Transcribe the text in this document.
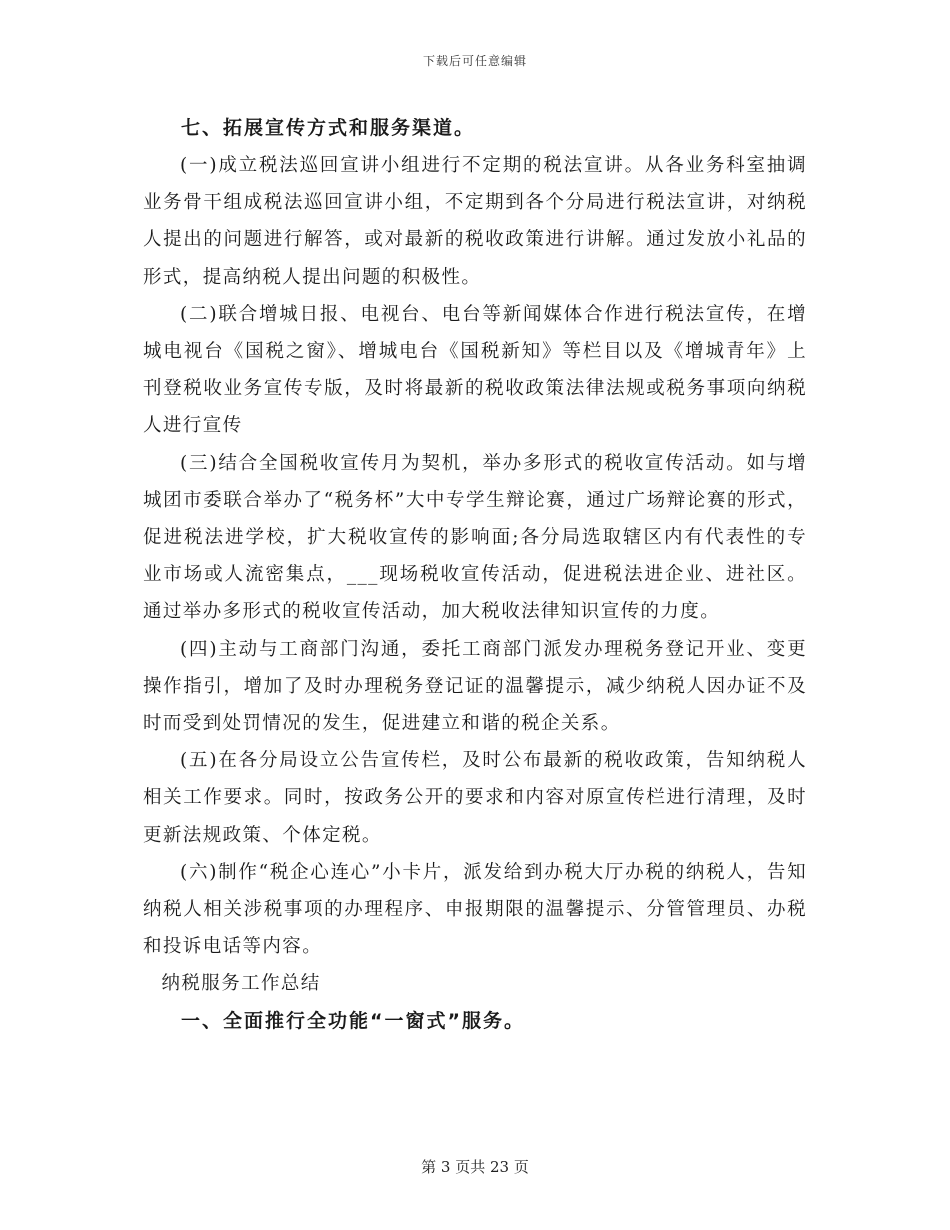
下载后可任意编辑

七、拓展宣传方式和服务渠道。

(一)成立税法巡回宣讲小组进行不定期的税法宣讲。从各业务科室抽调业务骨干组成税法巡回宣讲小组，不定期到各个分局进行税法宣讲，对纳税人提出的问题进行解答，或对最新的税收政策进行讲解。通过发放小礼品的形式，提高纳税人提出问题的积极性。

(二)联合增城日报、电视台、电台等新闻媒体合作进行税法宣传，在增城电视台《国税之窗》、增城电台《国税新知》等栏目以及《增城青年》上刊登税收业务宣传专版，及时将最新的税收政策法律法规或税务事项向纳税人进行宣传

(三)结合全国税收宣传月为契机，举办多形式的税收宣传活动。如与增城团市委联合举办了“税务杯”大中专学生辩论赛，通过广场辩论赛的形式，促进税法进学校，扩大税收宣传的影响面;各分局选取辖区内有代表性的专业市场或人流密集点，___现场税收宣传活动，促进税法进企业、进社区。通过举办多形式的税收宣传活动，加大税收法律知识宣传的力度。

(四)主动与工商部门沟通，委托工商部门派发办理税务登记开业、变更操作指引，增加了及时办理税务登记证的温馨提示，减少纳税人因办证不及时而受到处罚情况的发生，促进建立和谐的税企关系。

(五)在各分局设立公告宣传栏，及时公布最新的税收政策，告知纳税人相关工作要求。同时，按政务公开的要求和内容对原宣传栏进行清理，及时更新法规政策、个体定税。

(六)制作“税企心连心”小卡片，派发给到办税大厅办税的纳税人，告知纳税人相关涉税事项的办理程序、申报期限的温馨提示、分管管理员、办税和投诉电话等内容。

纳税服务工作总结

一、全面推行全功能“一窗式”服务。

第 3 页共 23 页
